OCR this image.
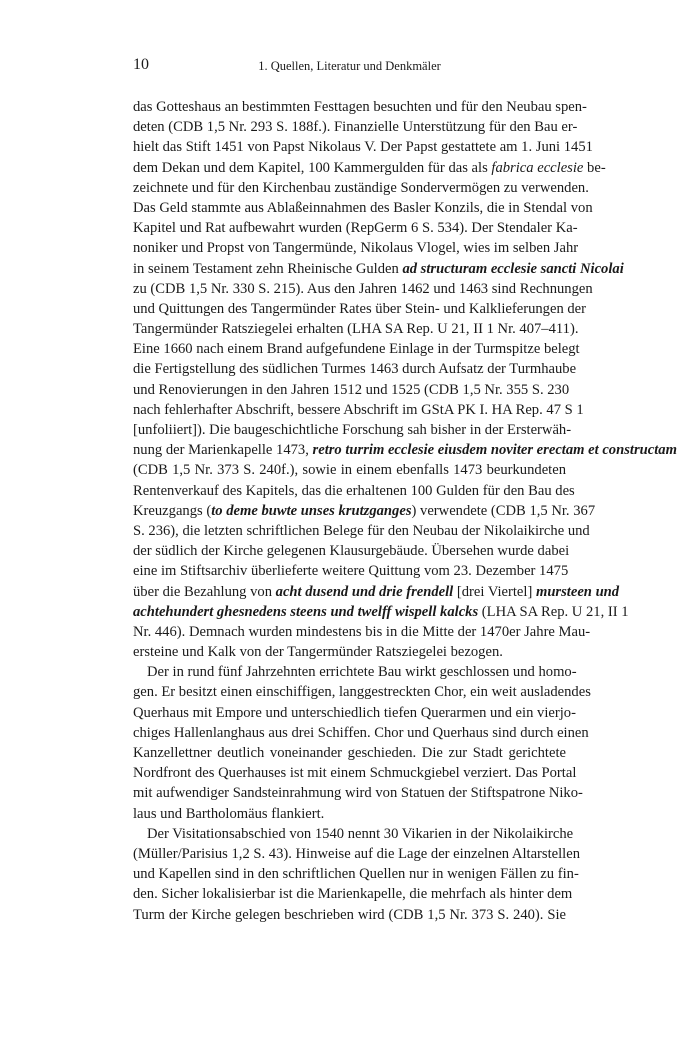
10	1. Quellen, Literatur und Denkmäler
das Gotteshaus an bestimmten Festtagen besuchten und für den Neubau spen-
deten (CDB 1,5 Nr. 293 S. 188f.). Finanzielle Unterstützung für den Bau er-
hielt das Stift 1451 von Papst Nikolaus V. Der Papst gestattete am 1. Juni 1451
dem Dekan und dem Kapitel, 100 Kammergulden für das als fabrica ecclesie be-
zeichnete und für den Kirchenbau zuständige Sondervermögen zu verwenden.
Das Geld stammte aus Ablaßeinnahmen des Basler Konzils, die in Stendal von
Kapitel und Rat aufbewahrt wurden (RepGerm 6 S. 534). Der Stendaler Ka-
noniker und Propst von Tangermünde, Nikolaus Vlogel, wies im selben Jahr
in seinem Testament zehn Rheinische Gulden ad structuram ecclesie sancti Nicolai
zu (CDB 1,5 Nr. 330 S. 215). Aus den Jahren 1462 und 1463 sind Rechnungen
und Quittungen des Tangermünder Rates über Stein- und Kalklieferungen der
Tangermünder Ratsziegelei erhalten (LHA SA Rep. U 21, II 1 Nr. 407–411).
Eine 1660 nach einem Brand aufgefundene Einlage in der Turmspitze belegt
die Fertigstellung des südlichen Turmes 1463 durch Aufsatz der Turmhaube
und Renovierungen in den Jahren 1512 und 1525 (CDB 1,5 Nr. 355 S. 230
nach fehlerhafter Abschrift, bessere Abschrift im GStA PK I. HA Rep. 47 S 1
[unfoliiert]). Die baugeschichtliche Forschung sah bisher in der Ersterwäh-
nung der Marienkapelle 1473, retro turrim ecclesie eiusdem noviter erectam et constructam
(CDB 1,5 Nr. 373 S. 240f.), sowie in einem ebenfalls 1473 beurkundeten
Rentenverkauf des Kapitels, das die erhaltenen 100 Gulden für den Bau des
Kreuzgangs (to deme buwte unses krutzganges) verwendete (CDB 1,5 Nr. 367
S. 236), die letzten schriftlichen Belege für den Neubau der Nikolaikirche und
der südlich der Kirche gelegenen Klausurgebäude. Übersehen wurde dabei
eine im Stiftsarchiv überlieferte weitere Quittung vom 23. Dezember 1475
über die Bezahlung von acht dusend und drie frendell [drei Viertel] mursteen und
achtehundert ghesnedens steens und twelff wispell kalcks (LHA SA Rep. U 21, II 1
Nr. 446). Demnach wurden mindestens bis in die Mitte der 1470er Jahre Mau-
ersteine und Kalk von der Tangermünder Ratsziegelei bezogen.
Der in rund fünf Jahrzehnten errichtete Bau wirkt geschlossen und homo-
gen. Er besitzt einen einschiffigen, langgestreckten Chor, ein weit ausladendes
Querhaus mit Empore und unterschiedlich tiefen Querarmen und ein vierjo-
chiges Hallenlanghaus aus drei Schiffen. Chor und Querhaus sind durch einen
Kanzellettner deutlich voneinander geschieden. Die zur Stadt gerichtete
Nordfront des Querhauses ist mit einem Schmuckgiebel verziert. Das Portal
mit aufwendiger Sandsteinrahmung wird von Statuen der Stiftspatrone Niko-
laus und Bartholomäus flankiert.
Der Visitationsabschied von 1540 nennt 30 Vikarien in der Nikolaikirche
(Müller/Parisius 1,2 S. 43). Hinweise auf die Lage der einzelnen Altarstellen
und Kapellen sind in den schriftlichen Quellen nur in wenigen Fällen zu fin-
den. Sicher lokalisierbar ist die Marienkapelle, die mehrfach als hinter dem
Turm der Kirche gelegen beschrieben wird (CDB 1,5 Nr. 373 S. 240). Sie
